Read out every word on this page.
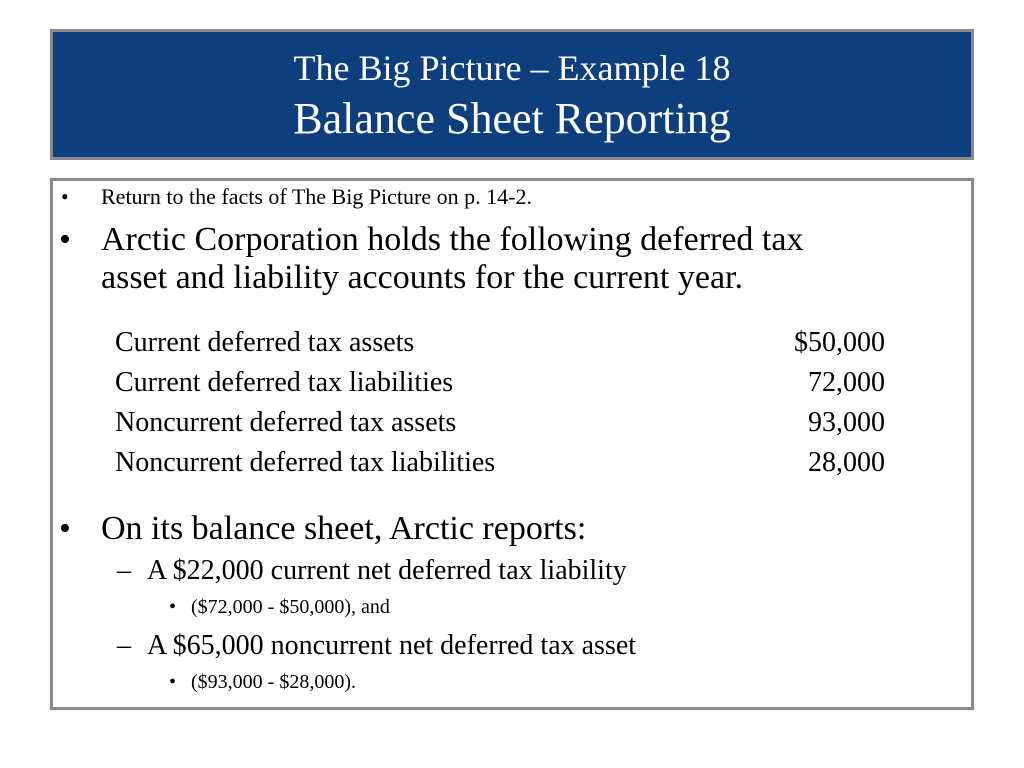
The Big Picture – Example 18
Balance Sheet Reporting
• Return to the facts of The Big Picture on p. 14-2.
• Arctic Corporation holds the following deferred tax
asset and liability accounts for the current year.
Current deferred tax assets	$50,000
Current deferred tax liabilities	72,000
Noncurrent deferred tax assets	93,000
Noncurrent deferred tax liabilities	28,000
• On its balance sheet, Arctic reports:
– A $22,000 current net deferred tax liability
• ($72,000 - $50,000), and
– A $65,000 noncurrent net deferred tax asset
• ($93,000 - $28,000).
